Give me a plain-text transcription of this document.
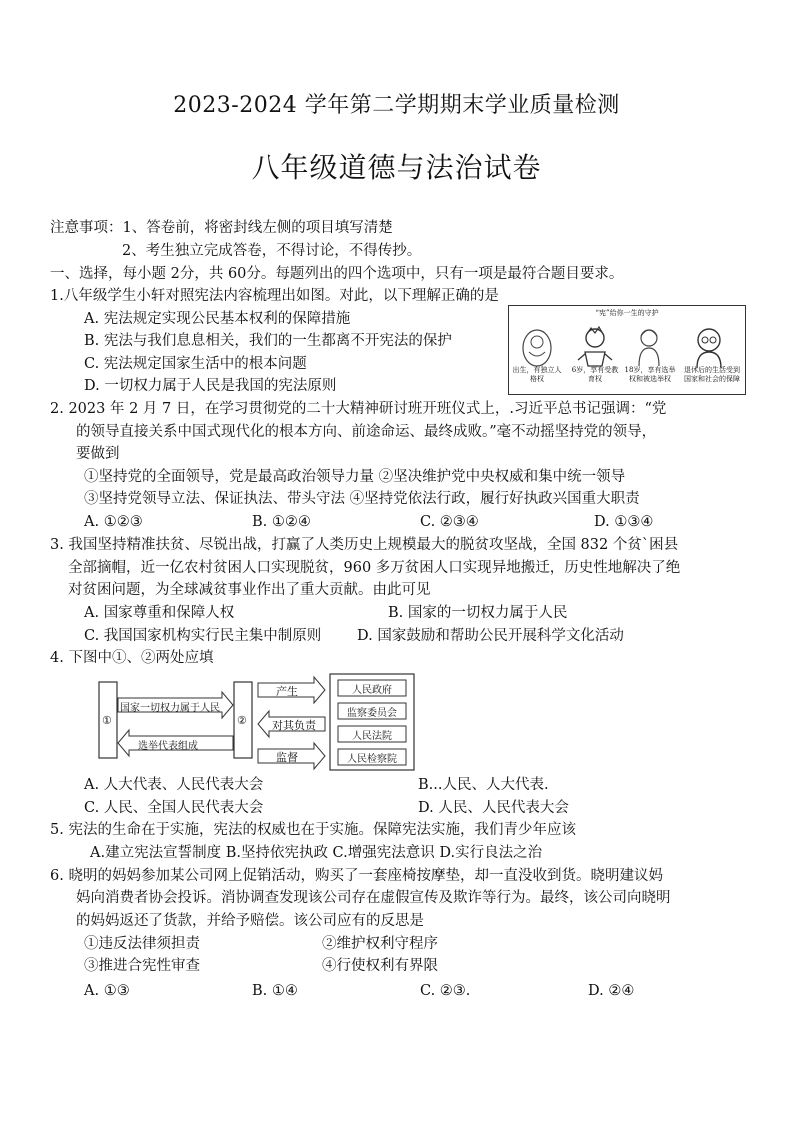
2023-2024 学年第二学期期末学业质量检测
八年级道德与法治试卷
注意事项：1、答卷前，将密封线左侧的项目填写清楚
2、考生独立完成答卷，不得讨论，不得传抄。
一、选择，每小题 2分，共 60分。每题列出的四个选项中，只有一项是最符合题目要求。
1.八年级学生小轩对照宪法内容梳理出如图。对此，以下理解正确的是
A. 宪法规定实现公民基本权利的保障措施
B. 宪法与我们息息相关，我们的一生都离不开宪法的保护
C. 宪法规定国家生活中的根本问题
D. 一切权力属于人民是我国的宪法原则
“宪”给你一生的守护
出生，有独立人格权
6岁，享有受教育权
18岁，享有选举权和被选举权
退休后的生活受到国家和社会的保障
2. 2023 年 2 月 7 日，在学习贯彻党的二十大精神研讨班开班仪式上，.习近平总书记强调：“党
的领导直接关系中国式现代化的根本方向、前途命运、最终成败。”毫不动摇坚持党的领导，
要做到
①坚持党的全面领导，党是最高政治领导力量 ②坚决维护党中央权威和集中统一领导
③坚持党领导立法、保证执法、带头守法 ④坚持党依法行政，履行好执政兴国重大职责
A. ①②③	B. ①②④	C. ②③④	D. ①③④
3. 我国坚持精准扶贫、尽锐出战，打赢了人类历史上规模最大的脱贫攻坚战，全国 832 个贫`困县
全部摘帽，近一亿农村贫困人口实现脱贫，960 多万贫困人口实现异地搬迁，历史性地解决了绝
对贫困问题，为全球减贫事业作出了重大贡献。由此可见
A. 国家尊重和保障人权	B. 国家的一切权力属于人民
C. 我国国家机构实行民主集中制原则 D. 国家鼓励和帮助公民开展科学文化活动
4. 下图中①、②两处应填
①	②
国家一切权力属于人民
选举代表组成
产生
对其负责
监督
人民政府
监察委员会
人民法院
人民检察院
A. 人大代表、人民代表大会	B...人民、人大代表.
C. 人民、全国人民代表大会	D. 人民、人民代表大会
5. 宪法的生命在于实施，宪法的权威也在于实施。保障宪法实施，我们青少年应该
A.建立宪法宣誓制度 B.坚持依宪执政 C.增强宪法意识 D.实行良法之治
6. 晓明的妈妈参加某公司网上促销活动，购买了一套座椅按摩垫，却一直没收到货。晓明建议妈
妈向消费者协会投诉。消协调查发现该公司存在虚假宣传及欺诈等行为。最终，该公司向晓明
的妈妈返还了货款，并给予赔偿。该公司应有的反思是
①违反法律须担责	②维护权利守程序
③推进合宪性审查	④行使权利有界限
A. ①③	B. ①④	C. ②③.	D. ②④
